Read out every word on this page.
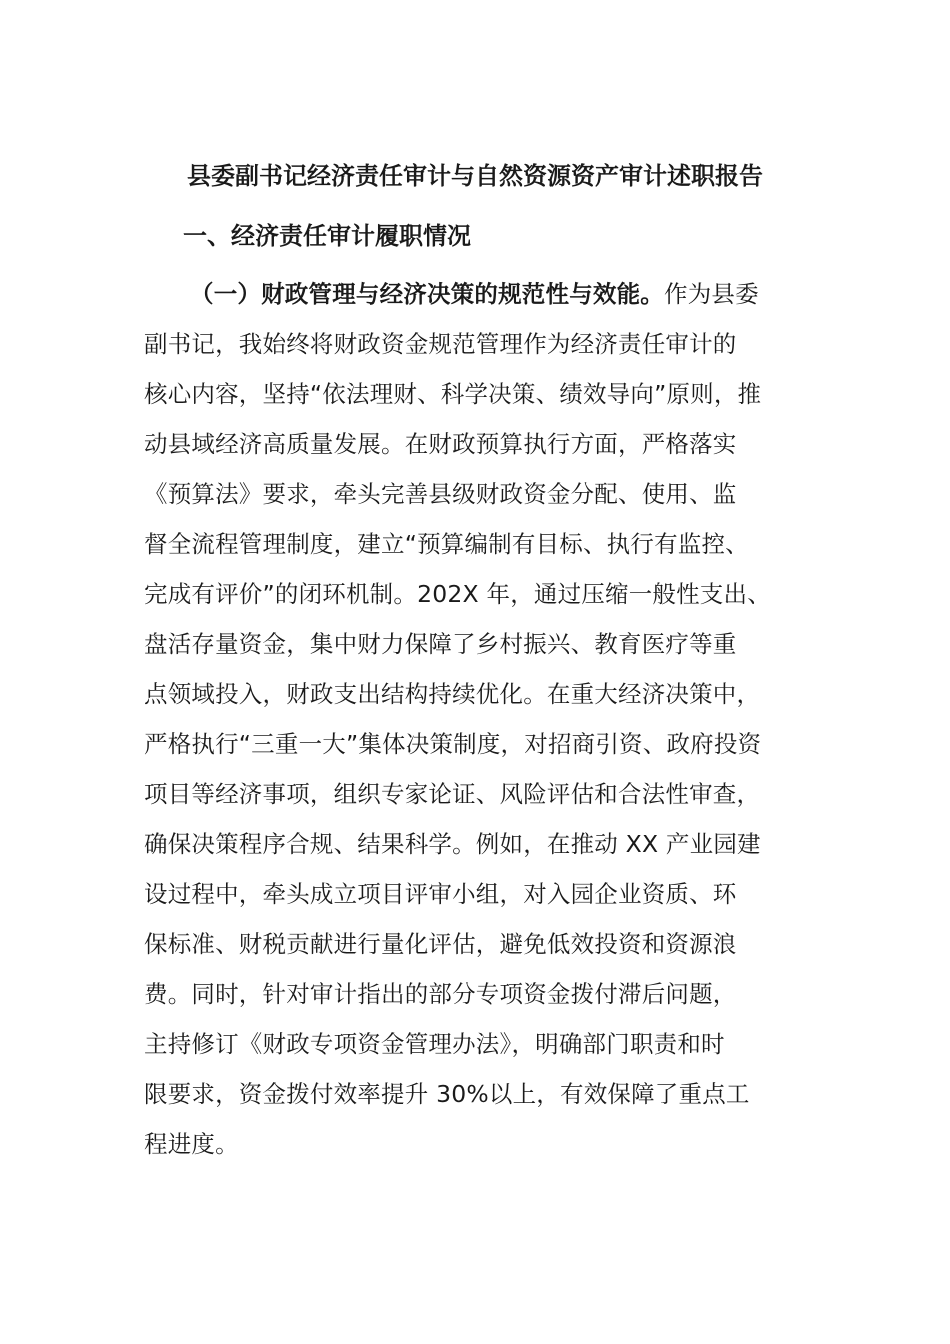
县委副书记经济责任审计与自然资源资产审计述职报告
一、经济责任审计履职情况
（一）财政管理与经济决策的规范性与效能。作为县委
副书记，我始终将财政资金规范管理作为经济责任审计的
核心内容，坚持“依法理财、科学决策、绩效导向”原则，推
动县域经济高质量发展。在财政预算执行方面，严格落实
《预算法》要求，牵头完善县级财政资金分配、使用、监
督全流程管理制度，建立“预算编制有目标、执行有监控、
完成有评价”的闭环机制。202X 年，通过压缩一般性支出、
盘活存量资金，集中财力保障了乡村振兴、教育医疗等重
点领域投入，财政支出结构持续优化。在重大经济决策中，
严格执行“三重一大”集体决策制度，对招商引资、政府投资
项目等经济事项，组织专家论证、风险评估和合法性审查，
确保决策程序合规、结果科学。例如，在推动 XX 产业园建
设过程中，牵头成立项目评审小组，对入园企业资质、环
保标准、财税贡献进行量化评估，避免低效投资和资源浪
费。同时，针对审计指出的部分专项资金拨付滞后问题，
主持修订《财政专项资金管理办法》，明确部门职责和时
限要求，资金拨付效率提升 30%以上，有效保障了重点工
程进度。
